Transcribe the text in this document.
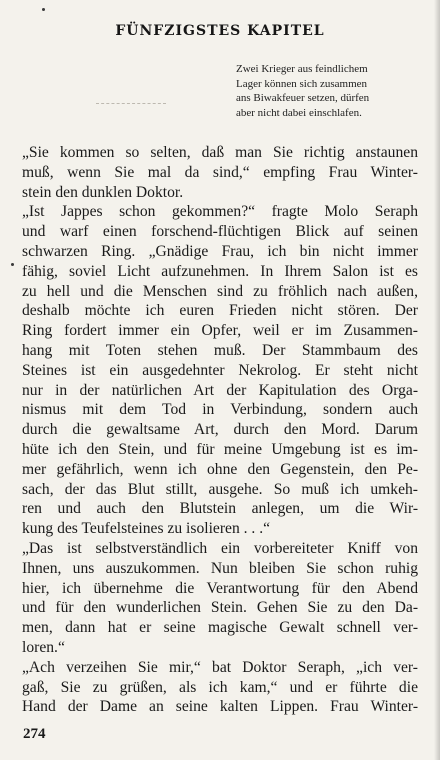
FÜNFZIGSTES KAPITEL
Zwei Krieger aus feindlichem
Lager können sich zusammen
ans Biwakfeuer setzen, dürfen
aber nicht dabei einschlafen.
„Sie kommen so selten, daß man Sie richtig anstaunen
muß, wenn Sie mal da sind,“ empfing Frau Winter-
stein den dunklen Doktor.
„Ist Jappes schon gekommen?“ fragte Molo Seraph
und warf einen forschend-flüchtigen Blick auf seinen
schwarzen Ring. „Gnädige Frau, ich bin nicht immer
fähig, soviel Licht aufzunehmen. In Ihrem Salon ist es
zu hell und die Menschen sind zu fröhlich nach außen,
deshalb möchte ich euren Frieden nicht stören. Der
Ring fordert immer ein Opfer, weil er im Zusammen-
hang mit Toten stehen muß. Der Stammbaum des
Steines ist ein ausgedehnter Nekrolog. Er steht nicht
nur in der natürlichen Art der Kapitulation des Orga-
nismus mit dem Tod in Verbindung, sondern auch
durch die gewaltsame Art, durch den Mord. Darum
hüte ich den Stein, und für meine Umgebung ist es im-
mer gefährlich, wenn ich ohne den Gegenstein, den Pe-
sach, der das Blut stillt, ausgehe. So muß ich umkeh-
ren und auch den Blutstein anlegen, um die Wir-
kung des Teufelsteines zu isolieren . . .“
„Das ist selbstverständlich ein vorbereiteter Kniff von
Ihnen, uns auszukommen. Nun bleiben Sie schon ruhig
hier, ich übernehme die Verantwortung für den Abend
und für den wunderlichen Stein. Gehen Sie zu den Da-
men, dann hat er seine magische Gewalt schnell ver-
loren.“
„Ach verzeihen Sie mir,“ bat Doktor Seraph, „ich ver-
gaß, Sie zu grüßen, als ich kam,“ und er führte die
Hand der Dame an seine kalten Lippen. Frau Winter-
274
